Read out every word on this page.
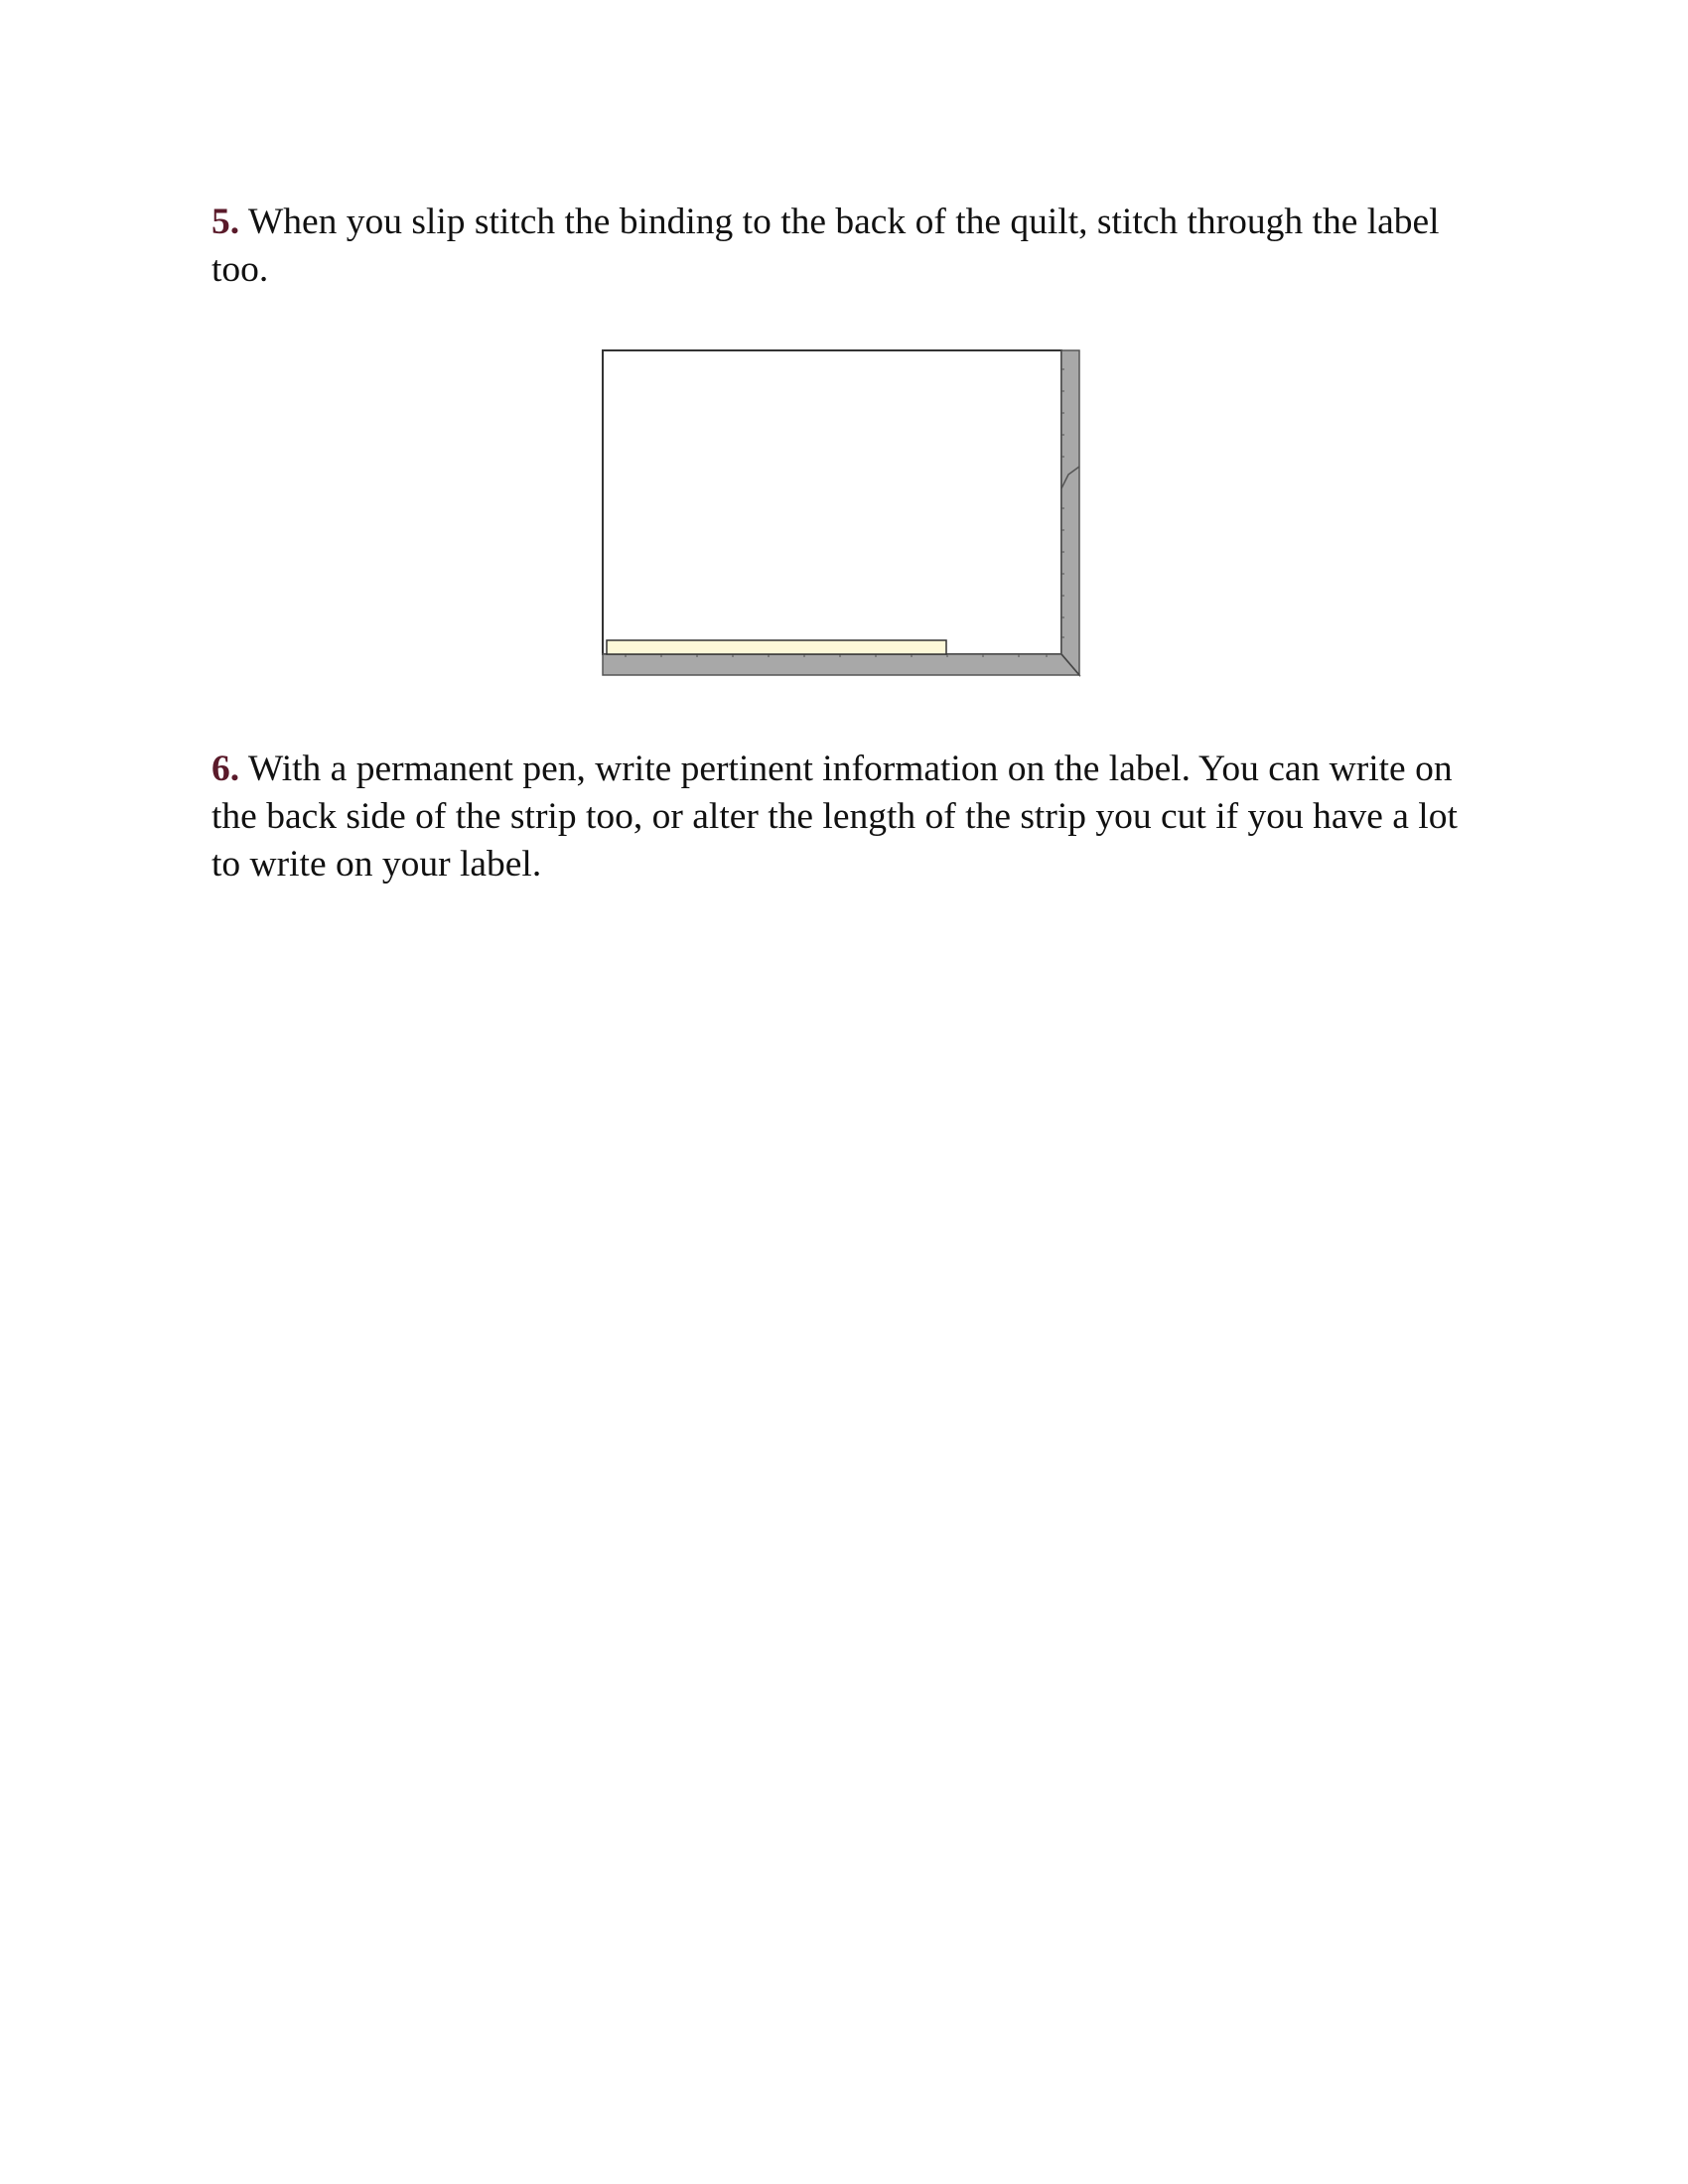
5. When you slip stitch the binding to the back of the quilt, stitch through the label too.

6. With a permanent pen, write pertinent information on the label. You can write on the back side of the strip too, or alter the length of the strip you cut if you have a lot to write on your label.
